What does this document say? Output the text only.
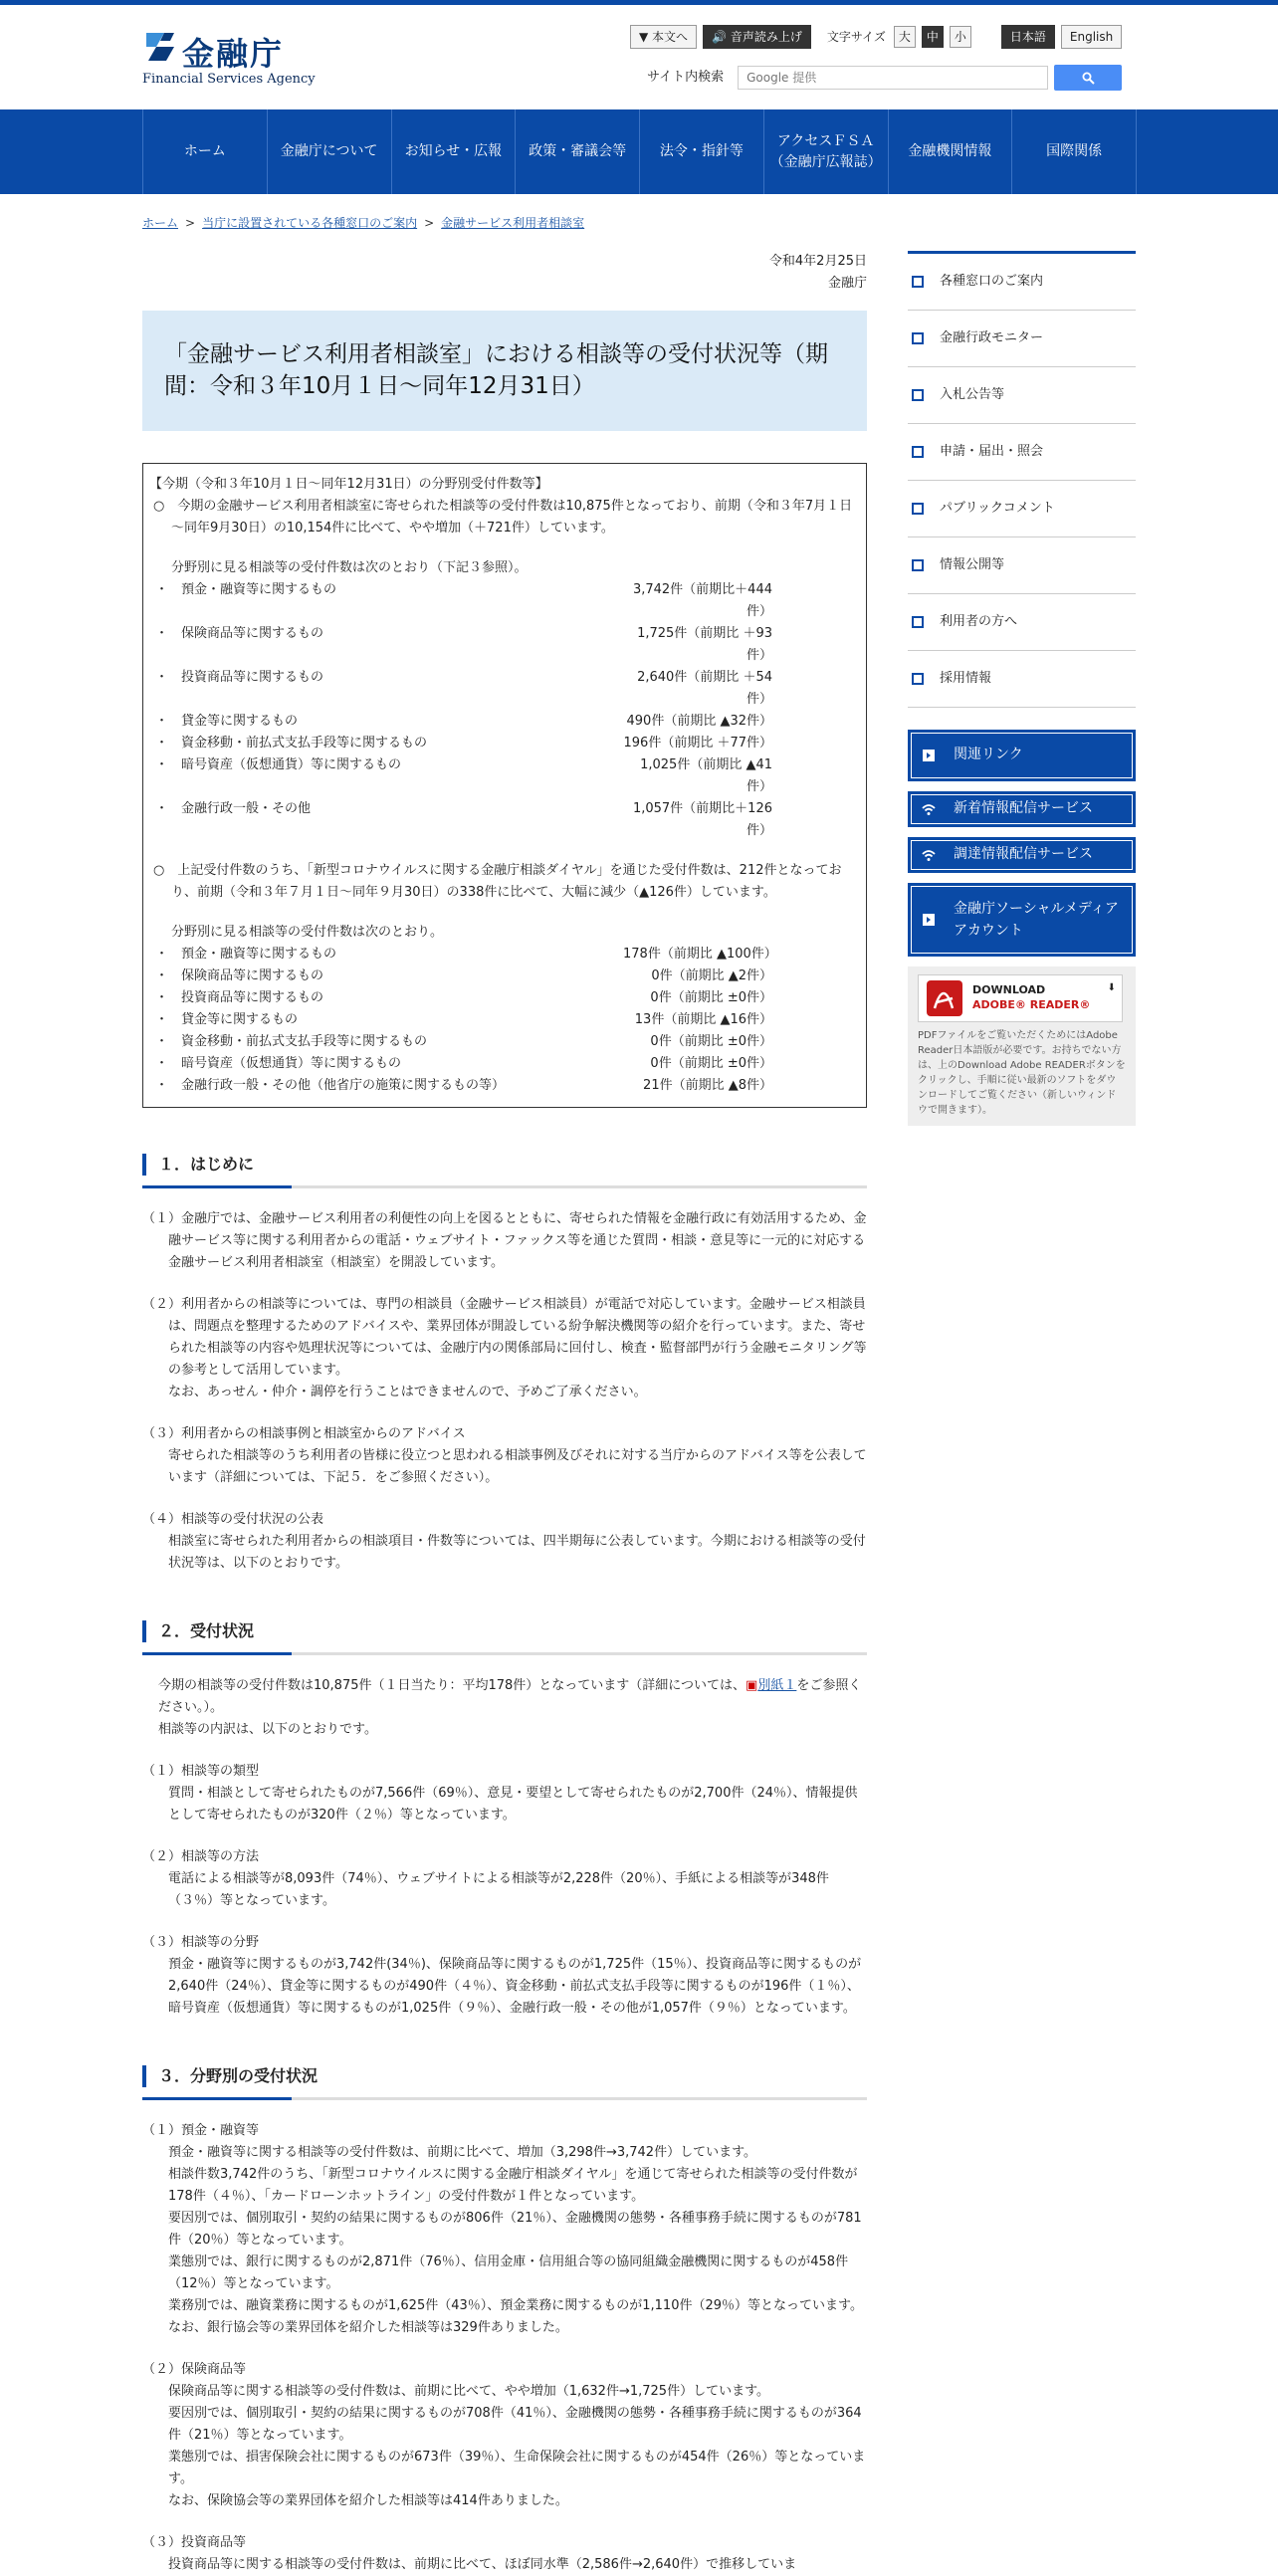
金融庁
Financial Services Agency
▼ 本文へ	🔊 音声読み上げ	文字サイズ	大	中	小	日本語	English
サイト内検索
Google 提供
ホーム	金融庁について	お知らせ・広報	政策・審議会等	法令・指針等
アクセスＦＳＡ
（金融庁広報誌）
金融機関情報	国際関係
ホーム > 当庁に設置されている各種窓口のご案内 > 金融サービス利用者相談室
令和4年2月25日
金融庁
「金融サービス利用者相談室」における相談等の受付状況等（期間：令和３年10月１日～同年12月31日）
【今期（令和３年10月１日～同年12月31日）の分野別受付件数等】
○　今期の金融サービス利用者相談室に寄せられた相談等の受付件数は10,875件となっており、前期（令和３年7月１日～同年9月30日）の10,154件に比べて、やや増加（＋721件）しています。
分野別に見る相談等の受付件数は次のとおり（下記３参照）。
・　預金・融資等に関するもの	3,742件（前期比＋444件）
・　保険商品等に関するもの	1,725件（前期比 ＋93件）
・　投資商品等に関するもの	2,640件（前期比 ＋54件）
・　貸金等に関するもの	490件（前期比 ▲32件）
・　資金移動・前払式支払手段等に関するもの	196件（前期比 ＋77件）
・　暗号資産（仮想通貨）等に関するもの	1,025件（前期比 ▲41件）
・　金融行政一般・その他	1,057件（前期比＋126件）
○　上記受付件数のうち、「新型コロナウイルスに関する金融庁相談ダイヤル」を通じた受付件数は、212件となっており、前期（令和３年７月１日～同年９月30日）の338件に比べて、大幅に減少（▲126件）しています。
分野別に見る相談等の受付件数は次のとおり。
・　預金・融資等に関するもの	178件（前期比 ▲100件）
・　保険商品等に関するもの	0件（前期比 ▲2件）
・　投資商品等に関するもの	0件（前期比 ±0件）
・　貸金等に関するもの	13件（前期比 ▲16件）
・　資金移動・前払式支払手段等に関するもの	0件（前期比 ±0件）
・　暗号資産（仮想通貨）等に関するもの	0件（前期比 ±0件）
・　金融行政一般・その他（他省庁の施策に関するもの等）	21件（前期比 ▲8件）
１．はじめに
（１）金融庁では、金融サービス利用者の利便性の向上を図るとともに、寄せられた情報を金融行政に有効活用するため、金融サービス等に関する利用者からの電話・ウェブサイト・ファックス等を通じた質問・相談・意見等に一元的に対応する金融サービス利用者相談室（相談室）を開設しています。
（２）利用者からの相談等については、専門の相談員（金融サービス相談員）が電話で対応しています。金融サービス相談員は、問題点を整理するためのアドバイスや、業界団体が開設している紛争解決機関等の紹介を行っています。また、寄せられた相談等の内容や処理状況等については、金融庁内の関係部局に回付し、検査・監督部門が行う金融モニタリング等の参考として活用しています。
なお、あっせん・仲介・調停を行うことはできませんので、予めご了承ください。
（３）利用者からの相談事例と相談室からのアドバイス
寄せられた相談等のうち利用者の皆様に役立つと思われる相談事例及びそれに対する当庁からのアドバイス等を公表しています（詳細については、下記５．をご参照ください）。
（４）相談等の受付状況の公表
相談室に寄せられた利用者からの相談項目・件数等については、四半期毎に公表しています。今期における相談等の受付状況等は、以下のとおりです。
２．受付状況
今期の相談等の受付件数は10,875件（１日当たり：平均178件）となっています（詳細については、▣別紙１をご参照ください。）。
相談等の内訳は、以下のとおりです。
（１）相談等の類型
質問・相談として寄せられたものが7,566件（69％）、意見・要望として寄せられたものが2,700件（24％）、情報提供として寄せられたものが320件（２％）等となっています。
（２）相談等の方法
電話による相談等が8,093件（74％）、ウェブサイトによる相談等が2,228件（20％）、手紙による相談等が348件（３％）等となっています。
（３）相談等の分野
預金・融資等に関するものが3,742件(34％)、保険商品等に関するものが1,725件（15％）、投資商品等に関するものが2,640件（24％）、貸金等に関するものが490件（４％）、資金移動・前払式支払手段等に関するものが196件（１％）、暗号資産（仮想通貨）等に関するものが1,025件（９％）、金融行政一般・その他が1,057件（９％）となっています。
３．分野別の受付状況
（１）預金・融資等
預金・融資等に関する相談等の受付件数は、前期に比べて、増加（3,298件→3,742件）しています。
相談件数3,742件のうち、「新型コロナウイルスに関する金融庁相談ダイヤル」を通じて寄せられた相談等の受付件数が178件（４％）、「カードローンホットライン」の受付件数が１件となっています。
要因別では、個別取引・契約の結果に関するものが806件（21％）、金融機関の態勢・各種事務手続に関するものが781件（20％）等となっています。
業態別では、銀行に関するものが2,871件（76％）、信用金庫・信用組合等の協同組織金融機関に関するものが458件（12％）等となっています。
業務別では、融資業務に関するものが1,625件（43％）、預金業務に関するものが1,110件（29％）等となっています。
なお、銀行協会等の業界団体を紹介した相談等は329件ありました。
（２）保険商品等
保険商品等に関する相談等の受付件数は、前期に比べて、やや増加（1,632件→1,725件）しています。
要因別では、個別取引・契約の結果に関するものが708件（41％）、金融機関の態勢・各種事務手続に関するものが364件（21％）等となっています。
業態別では、損害保険会社に関するものが673件（39％）、生命保険会社に関するものが454件（26％）等となっています。
なお、保険協会等の業界団体を紹介した相談等は414件ありました。
（３）投資商品等
投資商品等に関する相談等の受付件数は、前期に比べて、ほぼ同水準（2,586件→2,640件）で推移していま
各種窓口のご案内
金融行政モニター
入札公告等
申請・届出・照会
パブリックコメント
情報公開等
利用者の方へ
採用情報
関連リンク
新着情報配信サービス
調達情報配信サービス
金融庁ソーシャルメディアアカウント
DOWNLOAD
ADOBE® READER®
⬇
PDFファイルをご覧いただくためにはAdobe Reader日本語版が必要です。お持ちでない方は、上のDownload Adobe READERボタンをクリックし、手順に従い最新のソフトをダウンロードしてご覧ください（新しいウィンドウで開きます）。
